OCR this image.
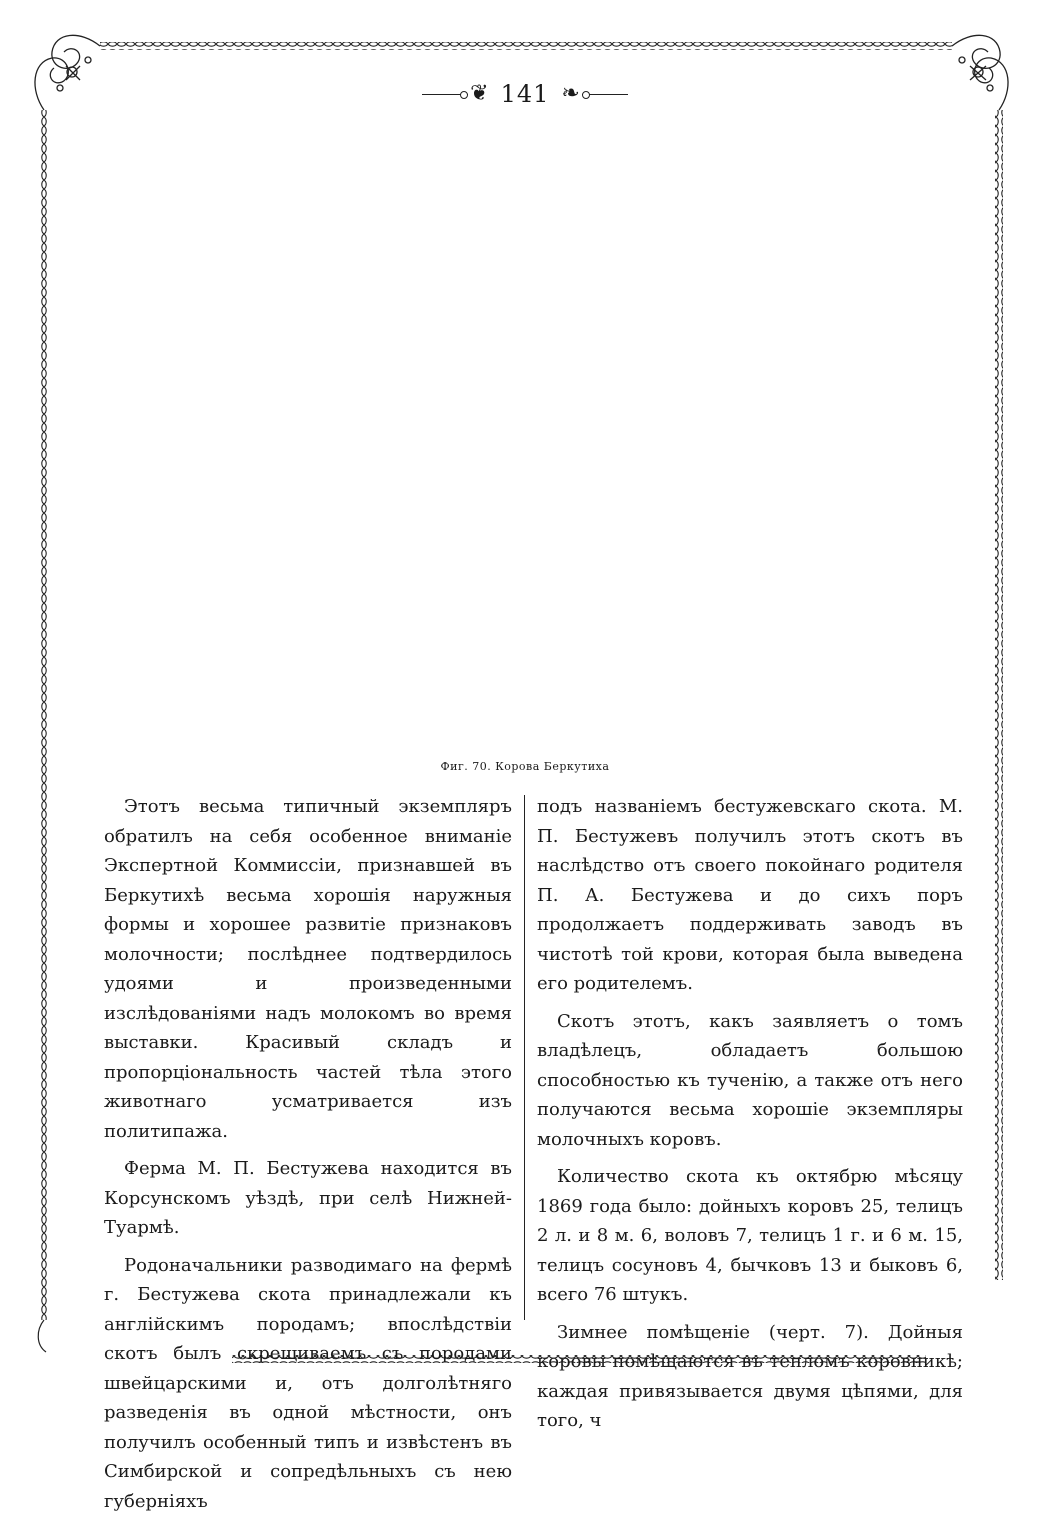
❦ 141 ❧
Фиг. 70. Корова Беркутиха

Этотъ весьма типичный экземпляръ обратилъ на себя особенное вниманіе Экспертной Коммиссіи, признавшей въ Беркутихѣ весьма хорошія наружныя формы и хорошее развитіе признаковъ молочности; послѣднее подтвердилось удоями и произведенными изслѣдованіями надъ молокомъ во время выставки. Красивый складъ и пропорціональность частей тѣла этого животнаго усматривается изъ политипажа.

Ферма М. П. Бестужева находится въ Корсунскомъ уѣздѣ, при селѣ Нижней-Туармѣ.

Родоначальники разводимаго на фермѣ г. Бестужева скота принадлежали къ англійскимъ породамъ; впослѣдствіи скотъ былъ скрещиваемъ съ породами швейцарскими и, отъ долголѣтняго разведенія въ одной мѣстности, онъ получилъ особенный типъ и извѣстенъ въ Симбирской и сопредѣльныхъ съ нею губерніяхъ

подъ названіемъ бестужевскаго скота. М. П. Бестужевъ получилъ этотъ скотъ въ наслѣдство отъ своего покойнаго родителя П. А. Бестужева и до сихъ поръ продолжаетъ поддерживать заводъ въ чистотѣ той крови, которая была выведена его родителемъ.

Скотъ этотъ, какъ заявляетъ о томъ владѣлецъ, обладаетъ большою способностью къ тученію, а также отъ него получаются весьма хорошіе экземпляры молочныхъ коровъ.

Количество скота къ октябрю мѣсяцу 1869 года было: дойныхъ коровъ 25, телицъ 2 л. и 8 м. 6, воловъ 7, телицъ 1 г. и 6 м. 15, телицъ сосуновъ 4, бычковъ 13 и быковъ 6, всего 76 штукъ.

Зимнее помѣщеніе (черт. 7). Дойныя коровы помѣщаются въ тепломъ коровникѣ; каждая привязывается двумя цѣпями, для того, ч
